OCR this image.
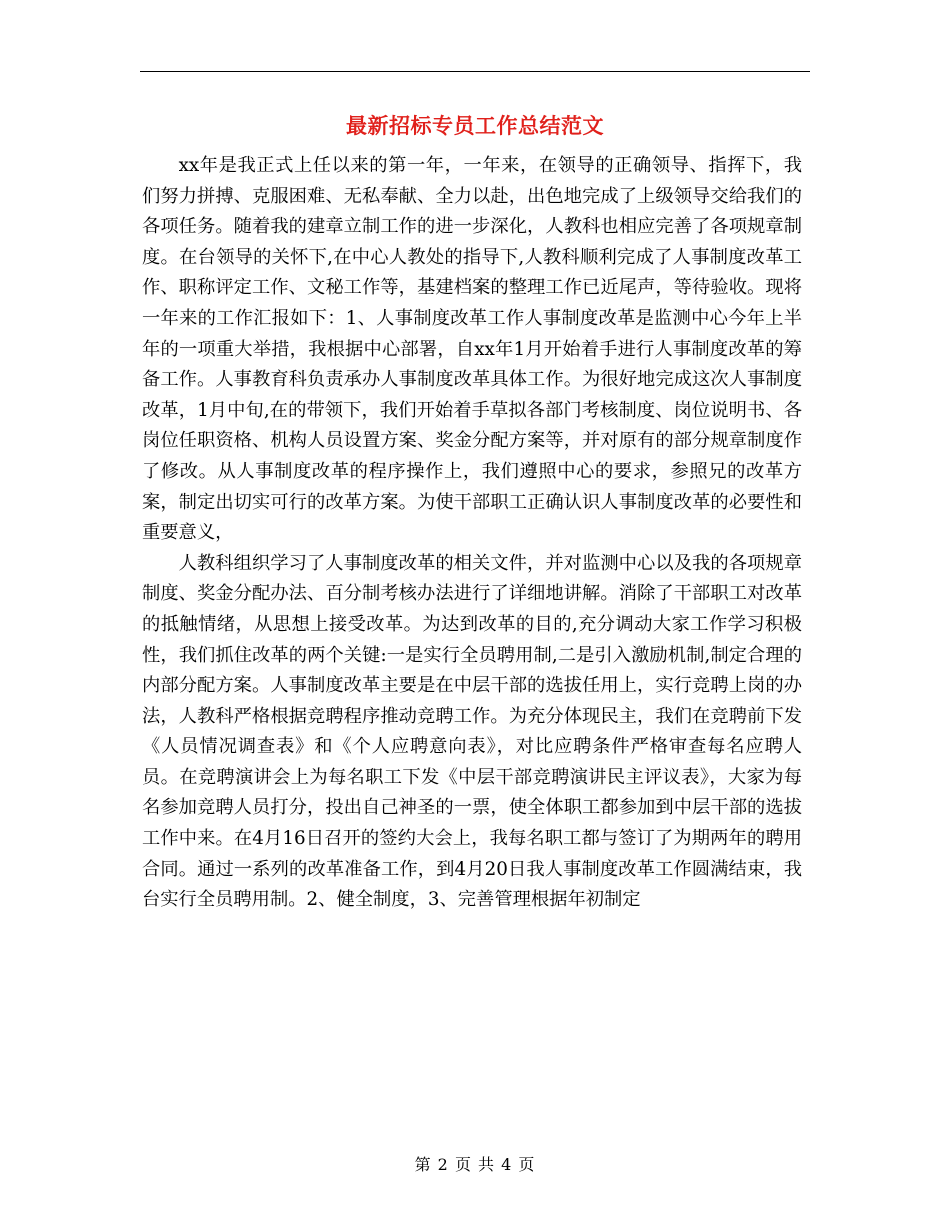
最新招标专员工作总结范文

xx年是我正式上任以来的第一年，一年来，在领导的正确领导、指挥下，我们努力拼搏、克服困难、无私奉献、全力以赴，出色地完成了上级领导交给我们的各项任务。随着我的建章立制工作的进一步深化，人教科也相应完善了各项规章制度。在台领导的关怀下,在中心人教处的指导下,人教科顺利完成了人事制度改革工作、职称评定工作、文秘工作等，基建档案的整理工作已近尾声，等待验收。现将一年来的工作汇报如下：1、人事制度改革工作人事制度改革是监测中心今年上半年的一项重大举措，我根据中心部署，自xx年1月开始着手进行人事制度改革的筹备工作。人事教育科负责承办人事制度改革具体工作。为很好地完成这次人事制度改革，1月中旬,在的带领下，我们开始着手草拟各部门考核制度、岗位说明书、各岗位任职资格、机构人员设置方案、奖金分配方案等，并对原有的部分规章制度作了修改。从人事制度改革的程序操作上，我们遵照中心的要求，参照兄的改革方案，制定出切实可行的改革方案。为使干部职工正确认识人事制度改革的必要性和重要意义，

人教科组织学习了人事制度改革的相关文件，并对监测中心以及我的各项规章制度、奖金分配办法、百分制考核办法进行了详细地讲解。消除了干部职工对改革的抵触情绪，从思想上接受改革。为达到改革的目的,充分调动大家工作学习积极性，我们抓住改革的两个关键:一是实行全员聘用制,二是引入激励机制,制定合理的内部分配方案。人事制度改革主要是在中层干部的选拔任用上，实行竞聘上岗的办法，人教科严格根据竞聘程序推动竞聘工作。为充分体现民主，我们在竞聘前下发《人员情况调查表》和《个人应聘意向表》，对比应聘条件严格审查每名应聘人员。在竞聘演讲会上为每名职工下发《中层干部竞聘演讲民主评议表》，大家为每名参加竞聘人员打分，投出自己神圣的一票，使全体职工都参加到中层干部的选拔工作中来。在4月16日召开的签约大会上，我每名职工都与签订了为期两年的聘用合同。通过一系列的改革准备工作，到4月20日我人事制度改革工作圆满结束，我台实行全员聘用制。2、健全制度，3、完善管理根据年初制定

第 2 页 共 4 页
